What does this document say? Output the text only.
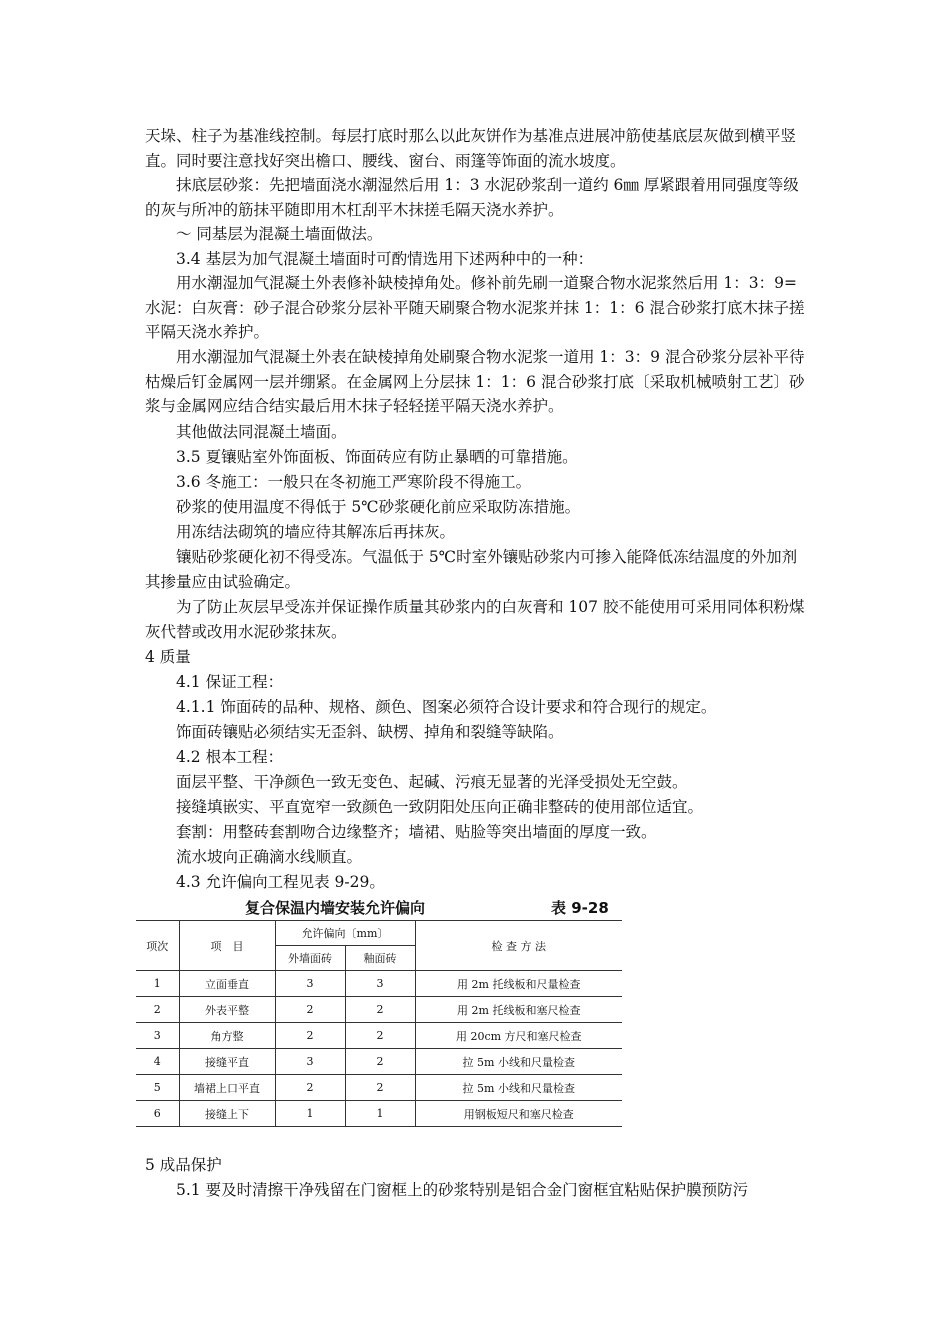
天垛、柱子为基准线控制。每层打底时那么以此灰饼作为基准点进展冲筋使基底层灰做到横平竖直。同时要注意找好突出檐口、腰线、窗台、雨篷等饰面的流水坡度。

抹底层砂浆：先把墙面浇水潮湿然后用 1：3 水泥砂浆刮一道约 6㎜ 厚紧跟着用同强度等级的灰与所冲的筋抹平随即用木杠刮平木抹搓毛隔天浇水养护。

～ 同基层为混凝土墙面做法。

3.4 基层为加气混凝土墙面时可酌情选用下述两种中的一种：

用水潮湿加气混凝土外表修补缺棱掉角处。修补前先刷一道聚合物水泥浆然后用 1：3：9=水泥：白灰膏：砂子混合砂浆分层补平随天刷聚合物水泥浆并抹 1：1：6 混合砂浆打底木抹子搓平隔天浇水养护。

用水潮湿加气混凝土外表在缺棱掉角处刷聚合物水泥浆一道用 1：3：9 混合砂浆分层补平待枯燥后钉金属网一层并绷紧。在金属网上分层抹 1：1：6 混合砂浆打底〔采取机械喷射工艺〕砂浆与金属网应结合结实最后用木抹子轻轻搓平隔天浇水养护。

其他做法同混凝土墙面。

3.5 夏镶贴室外饰面板、饰面砖应有防止暴晒的可靠措施。

3.6 冬施工：一般只在冬初施工严寒阶段不得施工。

砂浆的使用温度不得低于 5℃砂浆硬化前应采取防冻措施。

用冻结法砌筑的墙应待其解冻后再抹灰。

镶贴砂浆硬化初不得受冻。气温低于 5℃时室外镶贴砂浆内可掺入能降低冻结温度的外加剂其掺量应由试验确定。

为了防止灰层早受冻并保证操作质量其砂浆内的白灰膏和 107 胶不能使用可采用同体积粉煤灰代替或改用水泥砂浆抹灰。

4 质量

4.1 保证工程：

4.1.1 饰面砖的品种、规格、颜色、图案必须符合设计要求和符合现行的规定。

饰面砖镶贴必须结实无歪斜、缺楞、掉角和裂缝等缺陷。

4.2 根本工程：

面层平整、干净颜色一致无变色、起碱、污痕无显著的光泽受损处无空鼓。

接缝填嵌实、平直宽窄一致颜色一致阴阳处压向正确非整砖的使用部位适宜。

套割：用整砖套割吻合边缘整齐；墙裙、贴脸等突出墙面的厚度一致。

流水坡向正确滴水线顺直。

4.3 允许偏向工程见表 9-29。

复合保温内墙安装允许偏向	表 9-28
项次	项　目	允许偏向〔mm〕		检 查 方 法
		外墙面砖	釉面砖	
1	立面垂直	3	3	用 2m 托线板和尺量检查
2	外表平整	2	2	用 2m 托线板和塞尺检查
3	角方整	2	2	用 20cm 方尺和塞尺检查
4	接缝平直	3	2	拉 5m 小线和尺量检查
5	墙裙上口平直	2	2	拉 5m 小线和尺量检查
6	接缝上下	1	1	用钢板短尺和塞尺检查

5 成品保护

5.1 要及时清擦干净残留在门窗框上的砂浆特别是铝合金门窗框宜粘贴保护膜预防污
